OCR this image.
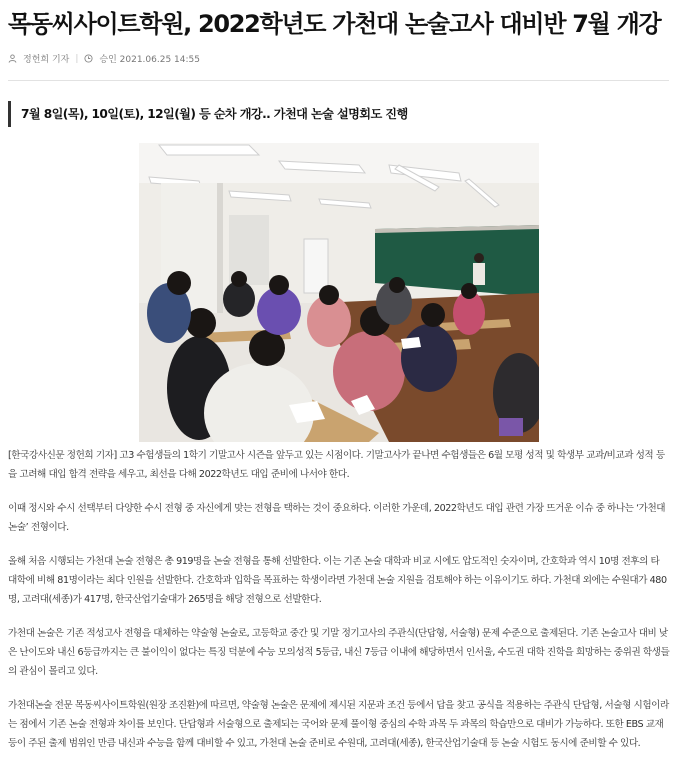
목동씨사이트학원, 2022학년도 가천대 논술고사 대비반 7월 개강
정헌희 기자 | 승인 2021.06.25 14:55
7월 8일(목), 10일(토), 12일(월) 등 순차 개강.. 가천대 논술 설명회도 진행

[한국강사신문 정헌희 기자] 고3 수험생들의 1학기 기말고사 시즌을 앞두고 있는 시점이다. 기말고사가 끝나면 수험생들은 6월 모평 성적 및 학생부 교과/비교과 성적 등을 고려해 대입 합격 전략을 세우고, 최선을 다해 2022학년도 대입 준비에 나서야 한다.

이때 정시와 수시 선택부터 다양한 수시 전형 중 자신에게 맞는 전형을 택하는 것이 중요하다. 이러한 가운데, 2022학년도 대입 관련 가장 뜨거운 이슈 중 하나는 ‘가천대 논술’ 전형이다.

올해 처음 시행되는 가천대 논술 전형은 총 919명을 논술 전형을 통해 선발한다. 이는 기존 논술 대학과 비교 시에도 압도적인 숫자이며, 간호학과 역시 10명 전후의 타 대학에 비해 81명이라는 최다 인원을 선발한다. 간호학과 입학을 목표하는 학생이라면 가천대 논술 지원을 검토해야 하는 이유이기도 하다. 가천대 외에는 수원대가 480명, 고려대(세종)가 417명, 한국산업기술대가 265명을 해당 전형으로 선발한다.

가천대 논술은 기존 적성고사 전형을 대체하는 약술형 논술로, 고등학교 중간 및 기말 정기고사의 주관식(단답형, 서술형) 문제 수준으로 출제된다. 기존 논술고사 대비 낮은 난이도와 내신 6등급까지는 큰 불이익이 없다는 특징 덕분에 수능 모의성적 5등급, 내신 7등급 이내에 해당하면서 인서울, 수도권 대학 진학을 희망하는 중위권 학생들의 관심이 몰리고 있다.

가천대논술 전문 목동씨사이트학원(원장 조진환)에 따르면, 약술형 논술은 문제에 제시된 지문과 조건 등에서 답을 찾고 공식을 적용하는 주관식 단답형, 서술형 시험이라는 점에서 기존 논술 전형과 차이를 보인다. 단답형과 서술형으로 출제되는 국어와 문제 풀이형 중심의 수학 과목 두 과목의 학습만으로 대비가 가능하다. 또한 EBS 교재 등이 주된 출제 범위인 만큼 내신과 수능을 함께 대비할 수 있고, 가천대 논술 준비로 수원대, 고려대(세종), 한국산업기술대 등 논술 시험도 동시에 준비할 수 있다.
